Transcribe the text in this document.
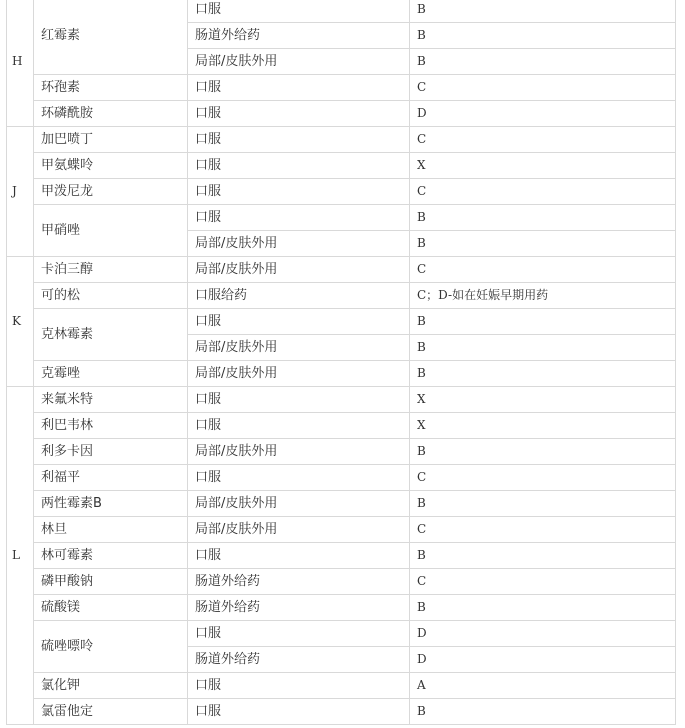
H	红霉素	口服	B
		肠道外给药	B
		局部/皮肤外用	B
	环孢素	口服	C
	环磷酰胺	口服	D
J	加巴喷丁	口服	C
	甲氨蝶呤	口服	X
	甲泼尼龙	口服	C
	甲硝唑	口服	B
		局部/皮肤外用	B
K	卡泊三醇	局部/皮肤外用	C
	可的松	口服给药	C；D-如在妊娠早期用药
	克林霉素	口服	B
		局部/皮肤外用	B
	克霉唑	局部/皮肤外用	B
L	来氟米特	口服	X
	利巴韦林	口服	X
	利多卡因	局部/皮肤外用	B
	利福平	口服	C
	两性霉素B	局部/皮肤外用	B
	林旦	局部/皮肤外用	C
	林可霉素	口服	B
	磷甲酸钠	肠道外给药	C
	硫酸镁	肠道外给药	B
	硫唑嘌呤	口服	D
		肠道外给药	D
	氯化钾	口服	A
	氯雷他定	口服	B
